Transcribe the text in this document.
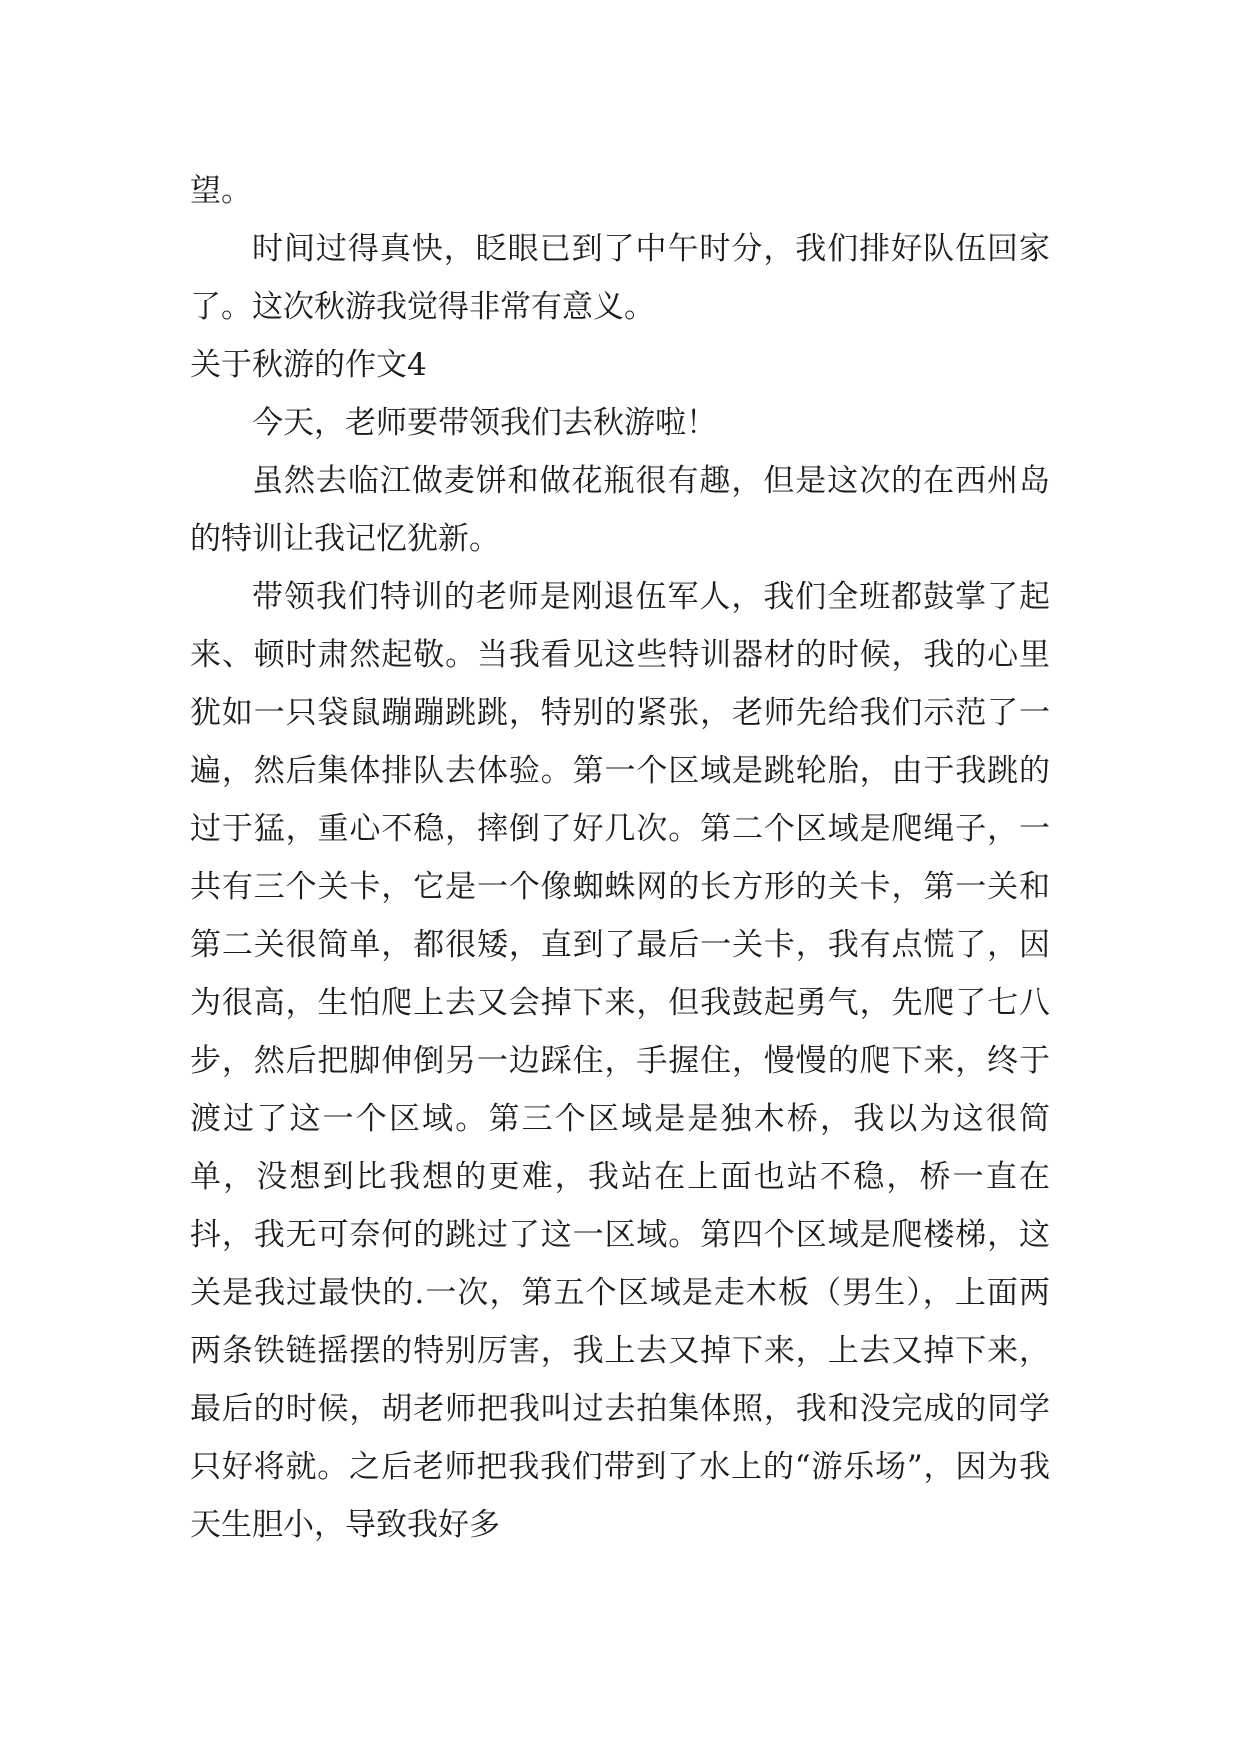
望。

时间过得真快，眨眼已到了中午时分，我们排好队伍回家了。这次秋游我觉得非常有意义。

关于秋游的作文4

今天，老师要带领我们去秋游啦！

虽然去临江做麦饼和做花瓶很有趣，但是这次的在西州岛的特训让我记忆犹新。

带领我们特训的老师是刚退伍军人，我们全班都鼓掌了起来、顿时肃然起敬。当我看见这些特训器材的时候，我的心里犹如一只袋鼠蹦蹦跳跳，特别的紧张，老师先给我们示范了一遍，然后集体排队去体验。第一个区域是跳轮胎，由于我跳的过于猛，重心不稳，摔倒了好几次。第二个区域是爬绳子，一共有三个关卡，它是一个像蜘蛛网的长方形的关卡，第一关和第二关很简单，都很矮，直到了最后一关卡，我有点慌了，因为很高，生怕爬上去又会掉下来，但我鼓起勇气，先爬了七八步，然后把脚伸倒另一边踩住，手握住，慢慢的爬下来，终于渡过了这一个区域。第三个区域是是独木桥，我以为这很简单，没想到比我想的更难，我站在上面也站不稳，桥一直在抖，我无可奈何的跳过了这一区域。第四个区域是爬楼梯，这关是我过最快的.一次，第五个区域是走木板（男生），上面两两条铁链摇摆的特别厉害，我上去又掉下来，上去又掉下来，最后的时候，胡老师把我叫过去拍集体照，我和没完成的同学只好将就。之后老师把我我们带到了水上的“游乐场”，因为我天生胆小，导致我好多
